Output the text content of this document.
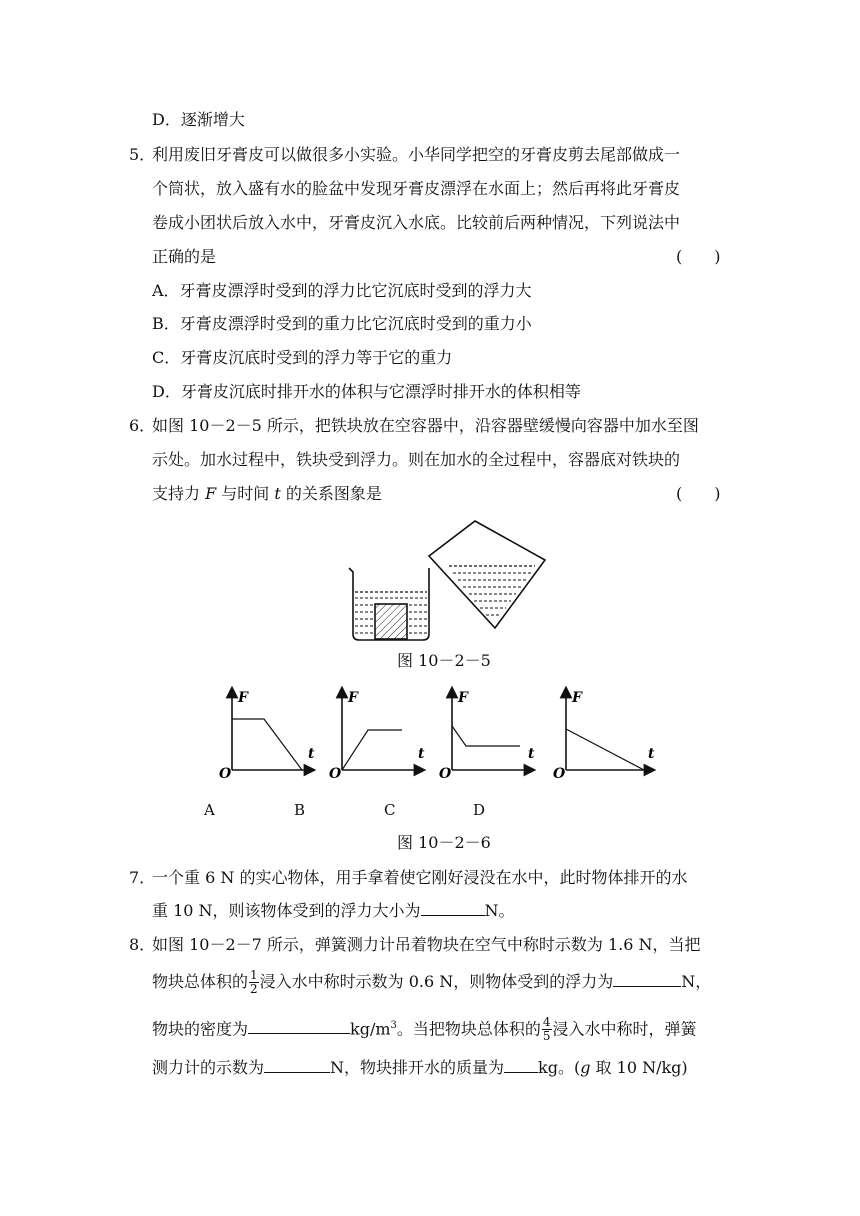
D．逐渐增大
5．
利用废旧牙膏皮可以做很多小实验。小华同学把空的牙膏皮剪去尾部做成一
个筒状，放入盛有水的脸盆中发现牙膏皮漂浮在水面上；然后再将此牙膏皮
卷成小团状后放入水中，牙膏皮沉入水底。比较前后两种情况，下列说法中
正确的是	(　　)
A．牙膏皮漂浮时受到的浮力比它沉底时受到的浮力大
B．牙膏皮漂浮时受到的重力比它沉底时受到的重力小
C．牙膏皮沉底时受到的浮力等于它的重力
D．牙膏皮沉底时排开水的体积与它漂浮时排开水的体积相等
6．
如图 10－2－5 所示，把铁块放在空容器中，沿容器壁缓慢向容器中加水至图
示处。加水过程中，铁块受到浮力。则在加水的全过程中，容器底对铁块的
支持力 F 与时间 t 的关系图象是	(　　)
图 10－2－5
F
t
O
F
t
O
F
t
O
F
t
O
A	B	C	D
图 10－2－6
7．
一个重 6 N 的实心物体，用手拿着使它刚好浸没在水中，此时物体排开的水
重 10 N，则该物体受到的浮力大小为	N。
8．
如图 10－2－7 所示，弹簧测力计吊着物块在空气中称时示数为 1.6 N，当把
物块总体积的 $\frac{1}{2}$ 浸入水中称时示数为 0.6 N，则物体受到的浮力为	N，
物块的密度为	$kg/m^3$。当把物块总体积的 $\frac{4}{5}$ 浸入水中称时，弹簧
测力计的示数为	N，物块排开水的质量为 kg。(g 取 10 N/kg)
